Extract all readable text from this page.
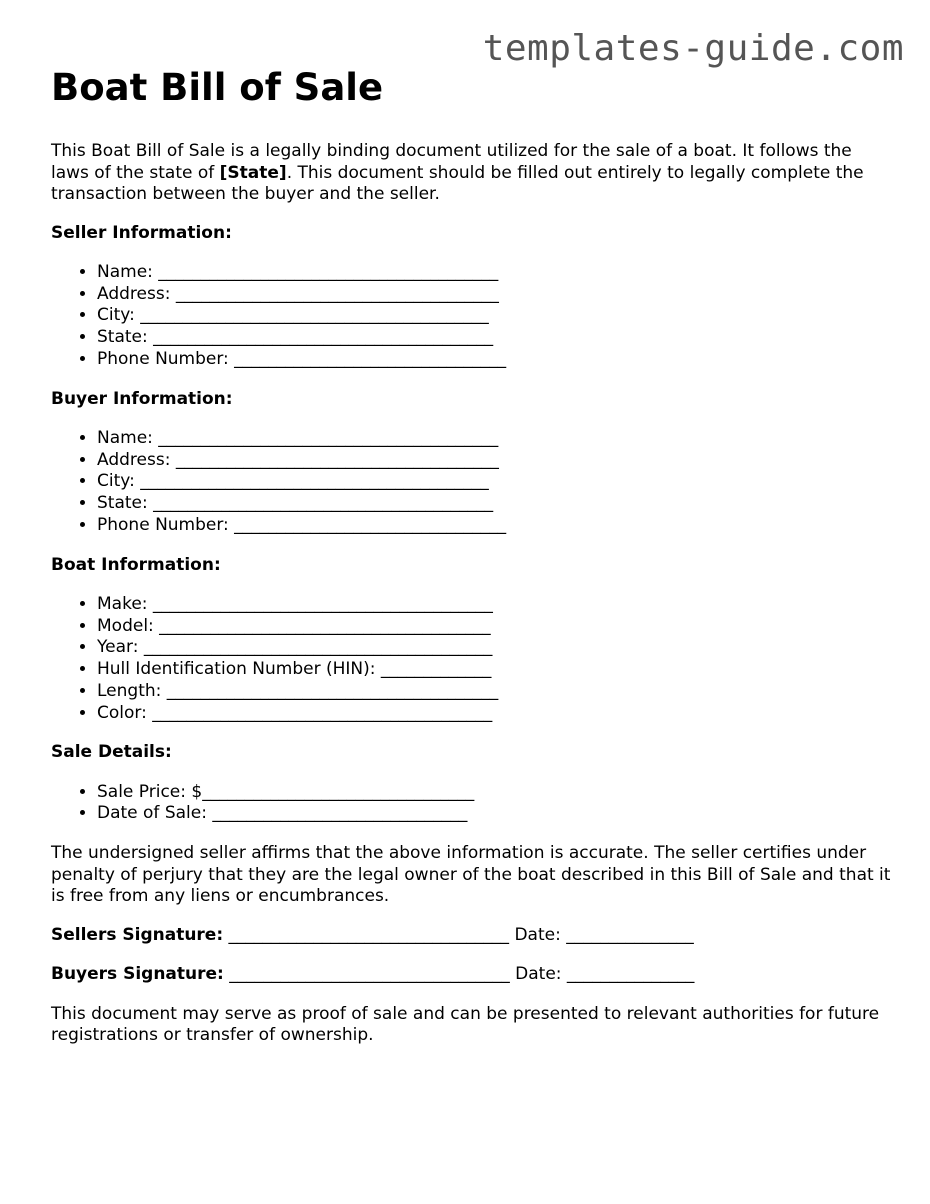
templates-guide.com
Boat Bill of Sale

This Boat Bill of Sale is a legally binding document utilized for the sale of a boat. It follows the laws of the state of [State]. This document should be filled out entirely to legally complete the transaction between the buyer and the seller.

Seller Information:
• Name: ________________________________________
• Address: ______________________________________
• City: _________________________________________
• State: ________________________________________
• Phone Number: ________________________________
Buyer Information:
• Name: ________________________________________
• Address: ______________________________________
• City: _________________________________________
• State: ________________________________________
• Phone Number: ________________________________
Boat Information:
• Make: ________________________________________
• Model: _______________________________________
• Year: _________________________________________
• Hull Identification Number (HIN): _____________
• Length: _______________________________________
• Color: ________________________________________
Sale Details:
• Sale Price: $________________________________
• Date of Sale: ______________________________

The undersigned seller affirms that the above information is accurate. The seller certifies under penalty of perjury that they are the legal owner of the boat described in this Bill of Sale and that it is free from any liens or encumbrances.

Sellers Signature: _________________________________ Date: _______________
Buyers Signature: _________________________________ Date: _______________

This document may serve as proof of sale and can be presented to relevant authorities for future registrations or transfer of ownership.
